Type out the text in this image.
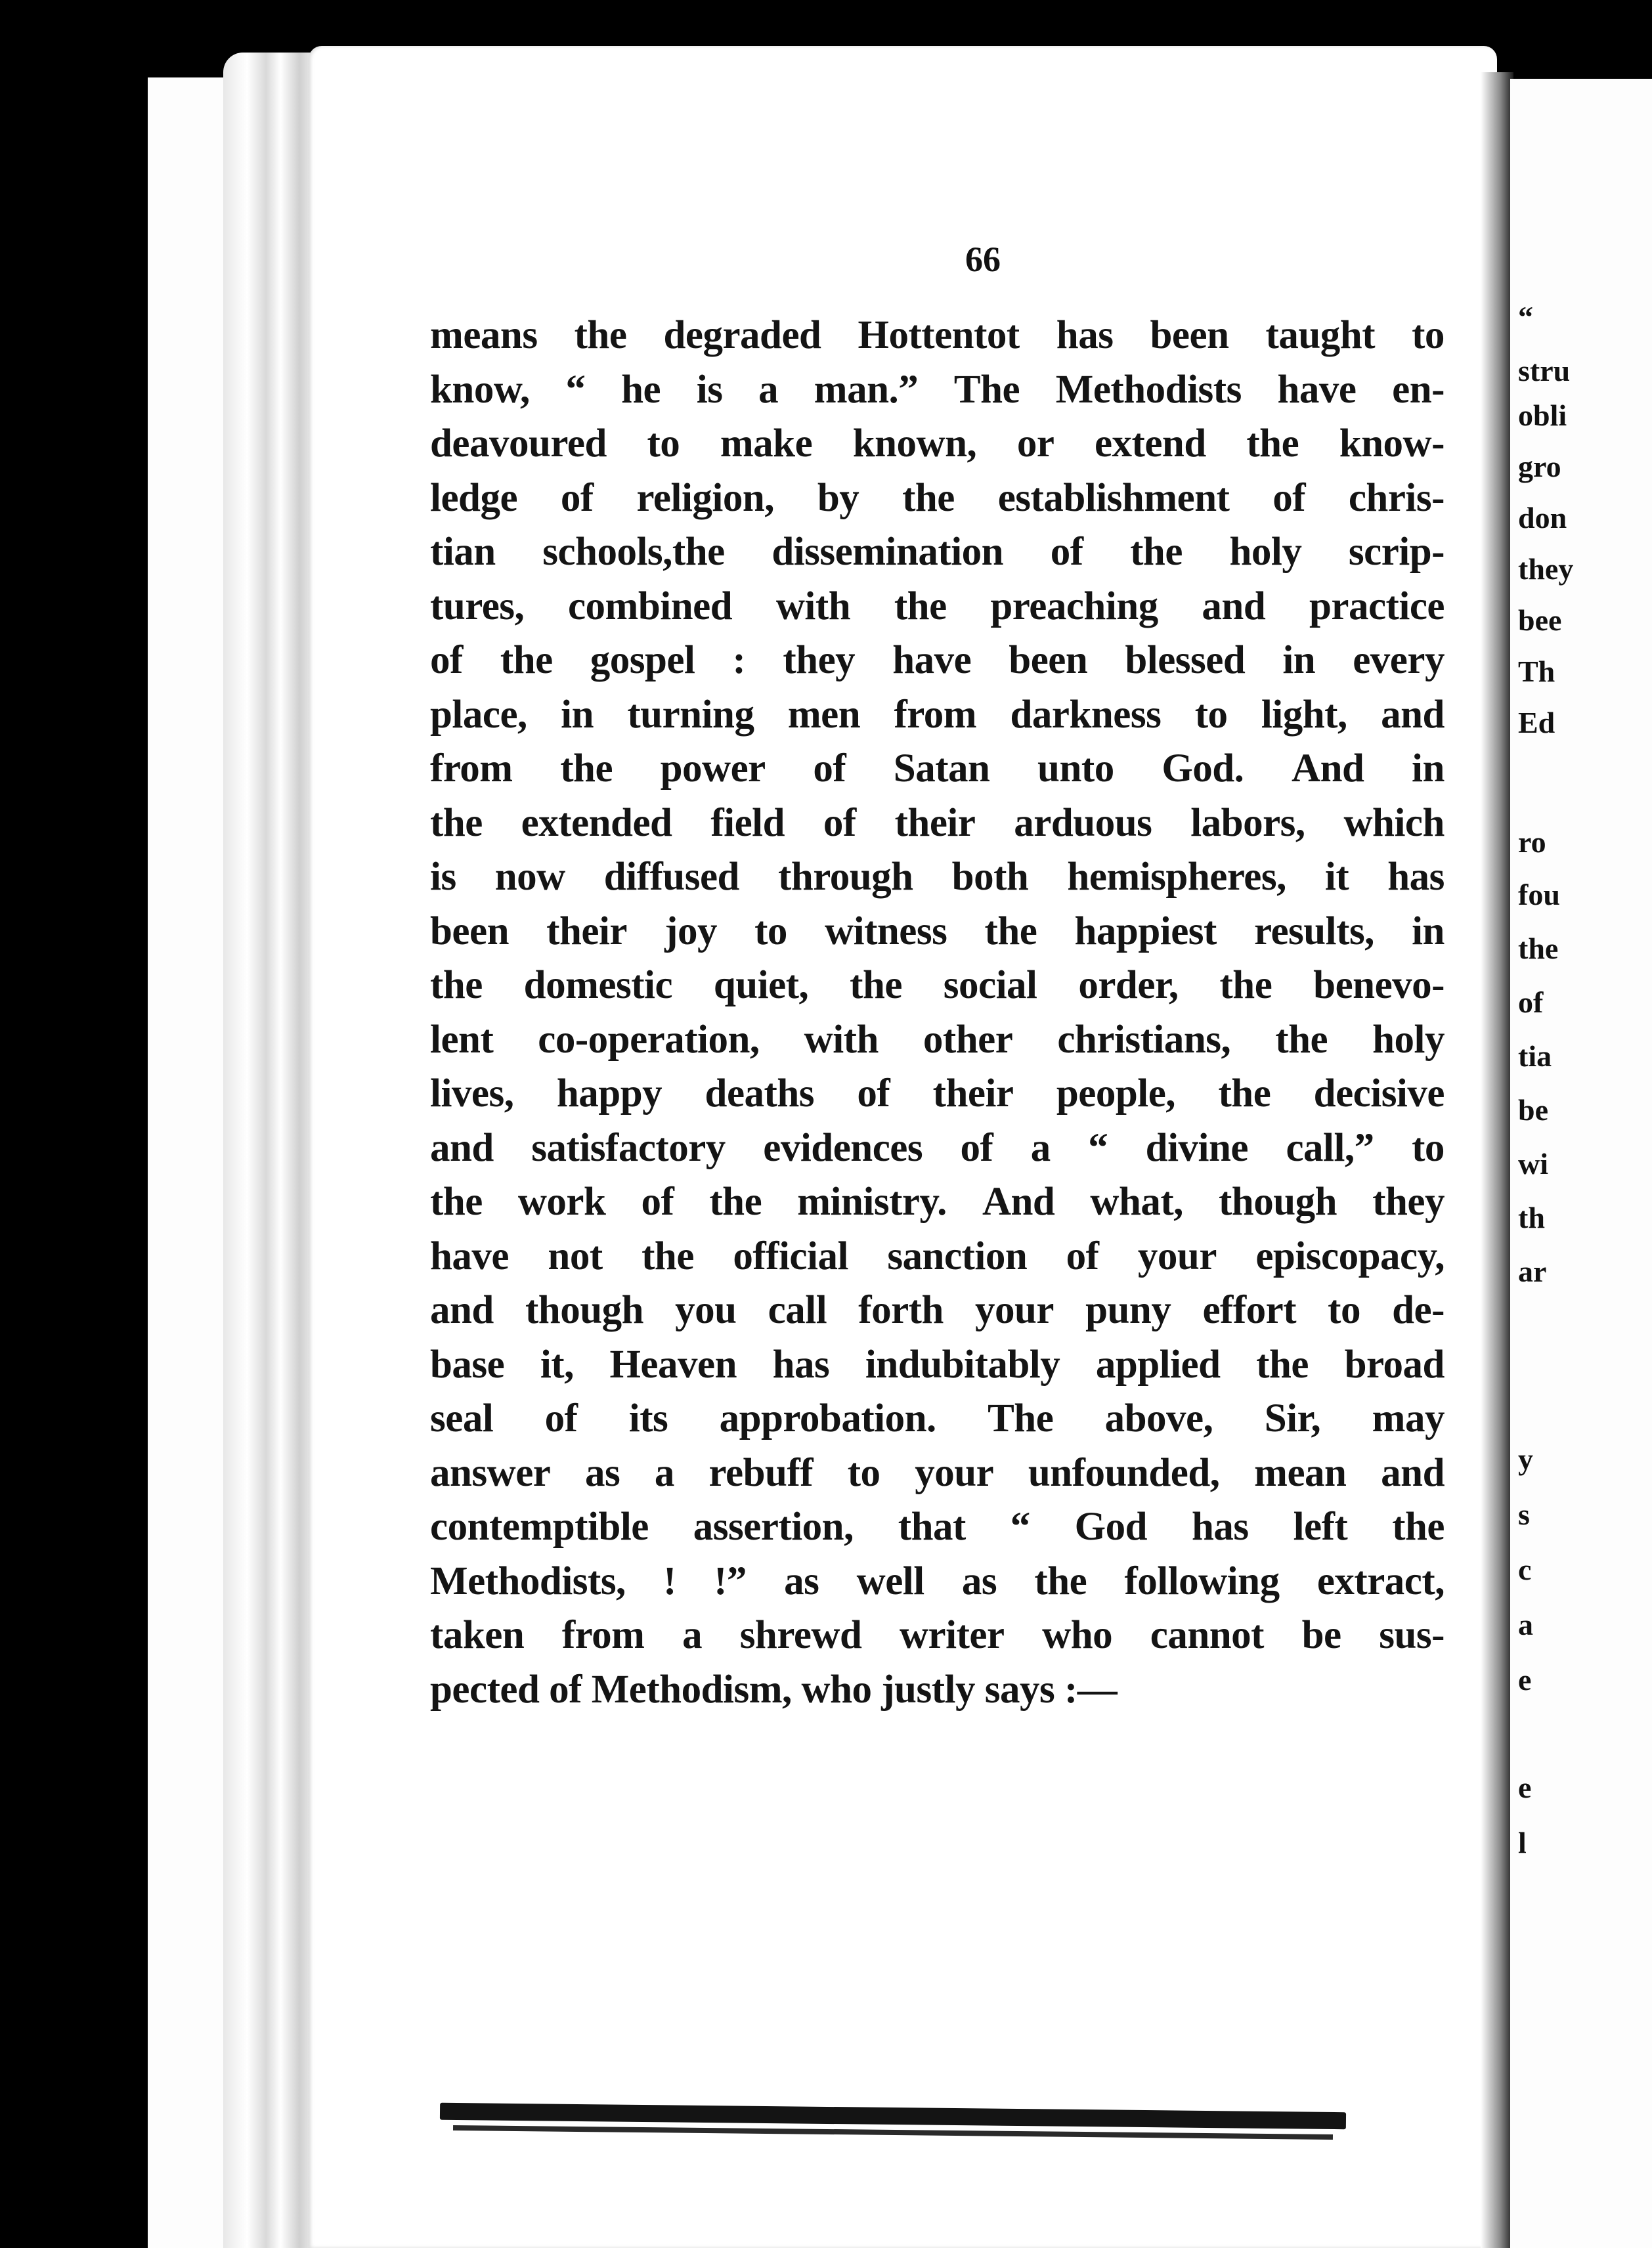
“
stru
obli
gro
don
they
bee
Th
Ed
ro
fou
the
of
tia
be
wi
th
ar
y
s
c
a
e
e
l
66
means the degraded Hottentot has been taught to
know, “ he is a man.” The Methodists have en-
deavoured to make known, or extend the know-
ledge of religion, by the establishment of chris-
tian schools,the dissemination of the holy scrip-
tures, combined with the preaching and practice
of the gospel : they have been blessed in every
place, in turning men from darkness to light, and
from the power of Satan unto God. And in
the extended field of their arduous labors, which
is now diffused through both hemispheres, it has
been their joy to witness the happiest results, in
the domestic quiet, the social order, the benevo-
lent co-operation, with other christians, the holy
lives, happy deaths of their people, the decisive
and satisfactory evidences of a “ divine call,” to
the work of the ministry. And what, though they
have not the official sanction of your episcopacy,
and though you call forth your puny effort to de-
base it, Heaven has indubitably applied the broad
seal of its approbation. The above, Sir, may
answer as a rebuff to your unfounded, mean and
contemptible assertion, that “ God has left the
Methodists, ! !” as well as the following extract,
taken from a shrewd writer who cannot be sus-
pected of Methodism, who justly says :—
